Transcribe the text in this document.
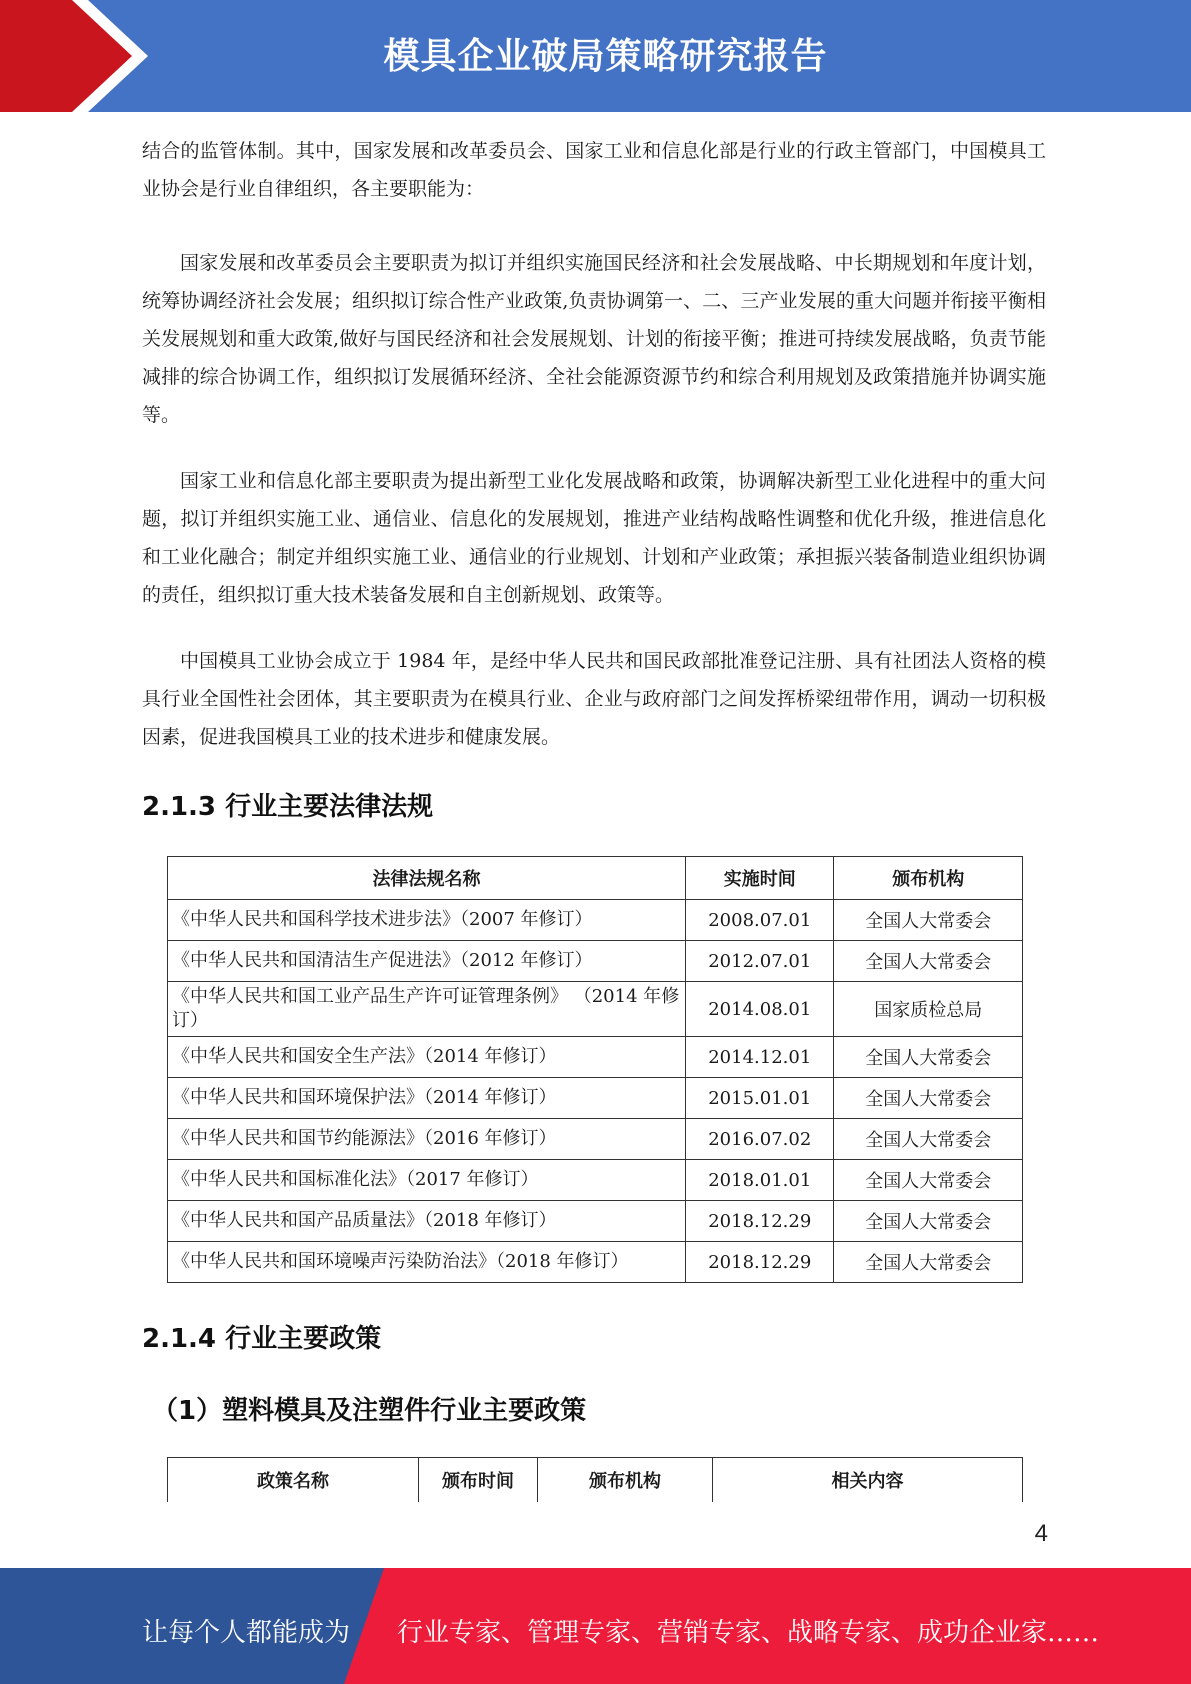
模具企业破局策略研究报告

结合的监管体制。其中，国家发展和改革委员会、国家工业和信息化部是行业的行政主管部门，中国模具工业协会是行业自律组织，各主要职能为：

国家发展和改革委员会主要职责为拟订并组织实施国民经济和社会发展战略、中长期规划和年度计划，统筹协调经济社会发展；组织拟订综合性产业政策,负责协调第一、二、三产业发展的重大问题并衔接平衡相关发展规划和重大政策,做好与国民经济和社会发展规划、计划的衔接平衡；推进可持续发展战略，负责节能减排的综合协调工作，组织拟订发展循环经济、全社会能源资源节约和综合利用规划及政策措施并协调实施等。

国家工业和信息化部主要职责为提出新型工业化发展战略和政策，协调解决新型工业化进程中的重大问题，拟订并组织实施工业、通信业、信息化的发展规划，推进产业结构战略性调整和优化升级，推进信息化和工业化融合；制定并组织实施工业、通信业的行业规划、计划和产业政策；承担振兴装备制造业组织协调的责任，组织拟订重大技术装备发展和自主创新规划、政策等。

中国模具工业协会成立于 1984 年，是经中华人民共和国民政部批准登记注册、具有社团法人资格的模具行业全国性社会团体，其主要职责为在模具行业、企业与政府部门之间发挥桥梁纽带作用，调动一切积极因素，促进我国模具工业的技术进步和健康发展。

2.1.3 行业主要法律法规
法律法规名称	实施时间	颁布机构
《中华人民共和国科学技术进步法》（2007 年修订）	2008.07.01	全国人大常委会
《中华人民共和国清洁生产促进法》（2012 年修订）	2012.07.01	全国人大常委会
《中华人民共和国工业产品生产许可证管理条例》 （2014 年修订）	2014.08.01	国家质检总局
《中华人民共和国安全生产法》（2014 年修订）	2014.12.01	全国人大常委会
《中华人民共和国环境保护法》（2014 年修订）	2015.01.01	全国人大常委会
《中华人民共和国节约能源法》（2016 年修订）	2016.07.02	全国人大常委会
《中华人民共和国标准化法》（2017 年修订）	2018.01.01	全国人大常委会
《中华人民共和国产品质量法》（2018 年修订）	2018.12.29	全国人大常委会
《中华人民共和国环境噪声污染防治法》（2018 年修订）	2018.12.29	全国人大常委会
2.1.4 行业主要政策
（1）塑料模具及注塑件行业主要政策
政策名称	颁布时间	颁布机构	相关内容
4
让每个人都能成为 行业专家、管理专家、营销专家、战略专家、成功企业家……
